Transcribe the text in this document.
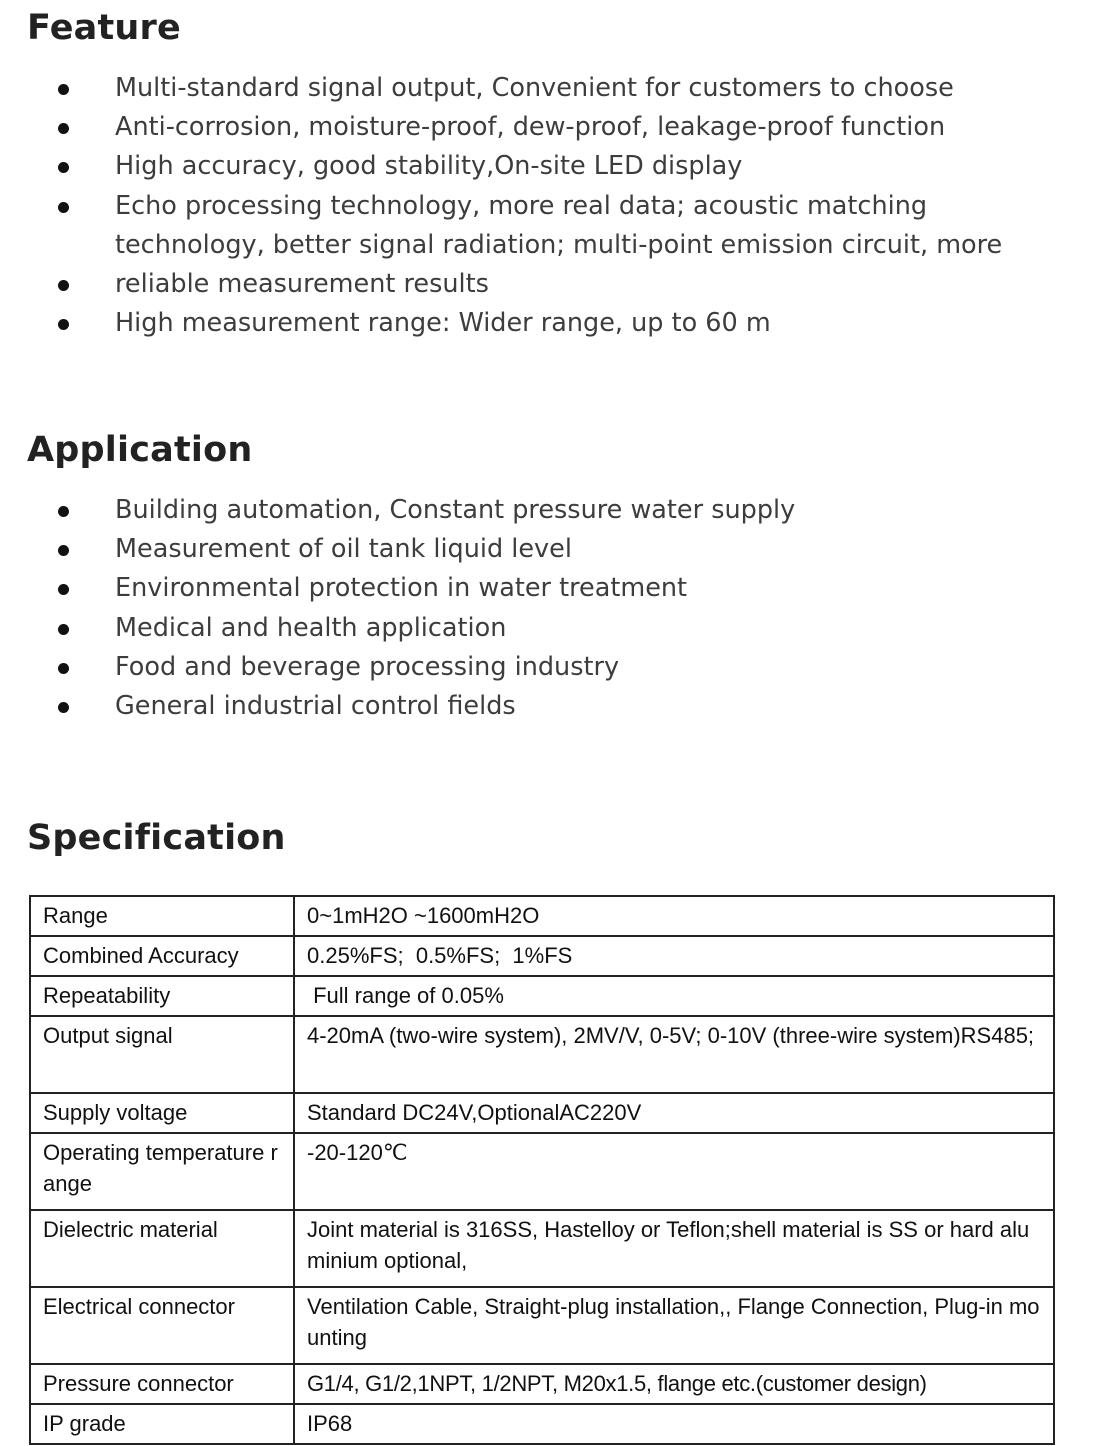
Feature
Multi-standard signal output, Convenient for customers to choose
Anti-corrosion, moisture-proof, dew-proof, leakage-proof function
High accuracy, good stability,On-site LED display
Echo processing technology, more real data; acoustic matching
technology, better signal radiation; multi-point emission circuit, more
reliable measurement results
High measurement range: Wider range, up to 60 m
Application
Building automation, Constant pressure water supply
Measurement of oil tank liquid level
Environmental protection in water treatment
Medical and health application
Food and beverage processing industry
General industrial control fields
Specification
Range	0~1mH2O ~1600mH2O
Combined Accuracy	0.25%FS;  0.5%FS;  1%FS
Repeatability	Full range of 0.05%
Output signal	4-20mA (two-wire system), 2MV/V, 0-5V; 0-10V (three-wire system)RS485;
Supply voltage	Standard DC24V,OptionalAC220V
Operating temperature range	-20-120℃
Dielectric material	Joint material is 316SS, Hastelloy or Teflon;shell material is SS or hard aluminium optional,
Electrical connector	Ventilation Cable, Straight-plug installation,, Flange Connection, Plug-in mounting
Pressure connector	G1/4, G1/2,1NPT, 1/2NPT, M20x1.5, flange etc.(customer design)
IP grade	IP68
